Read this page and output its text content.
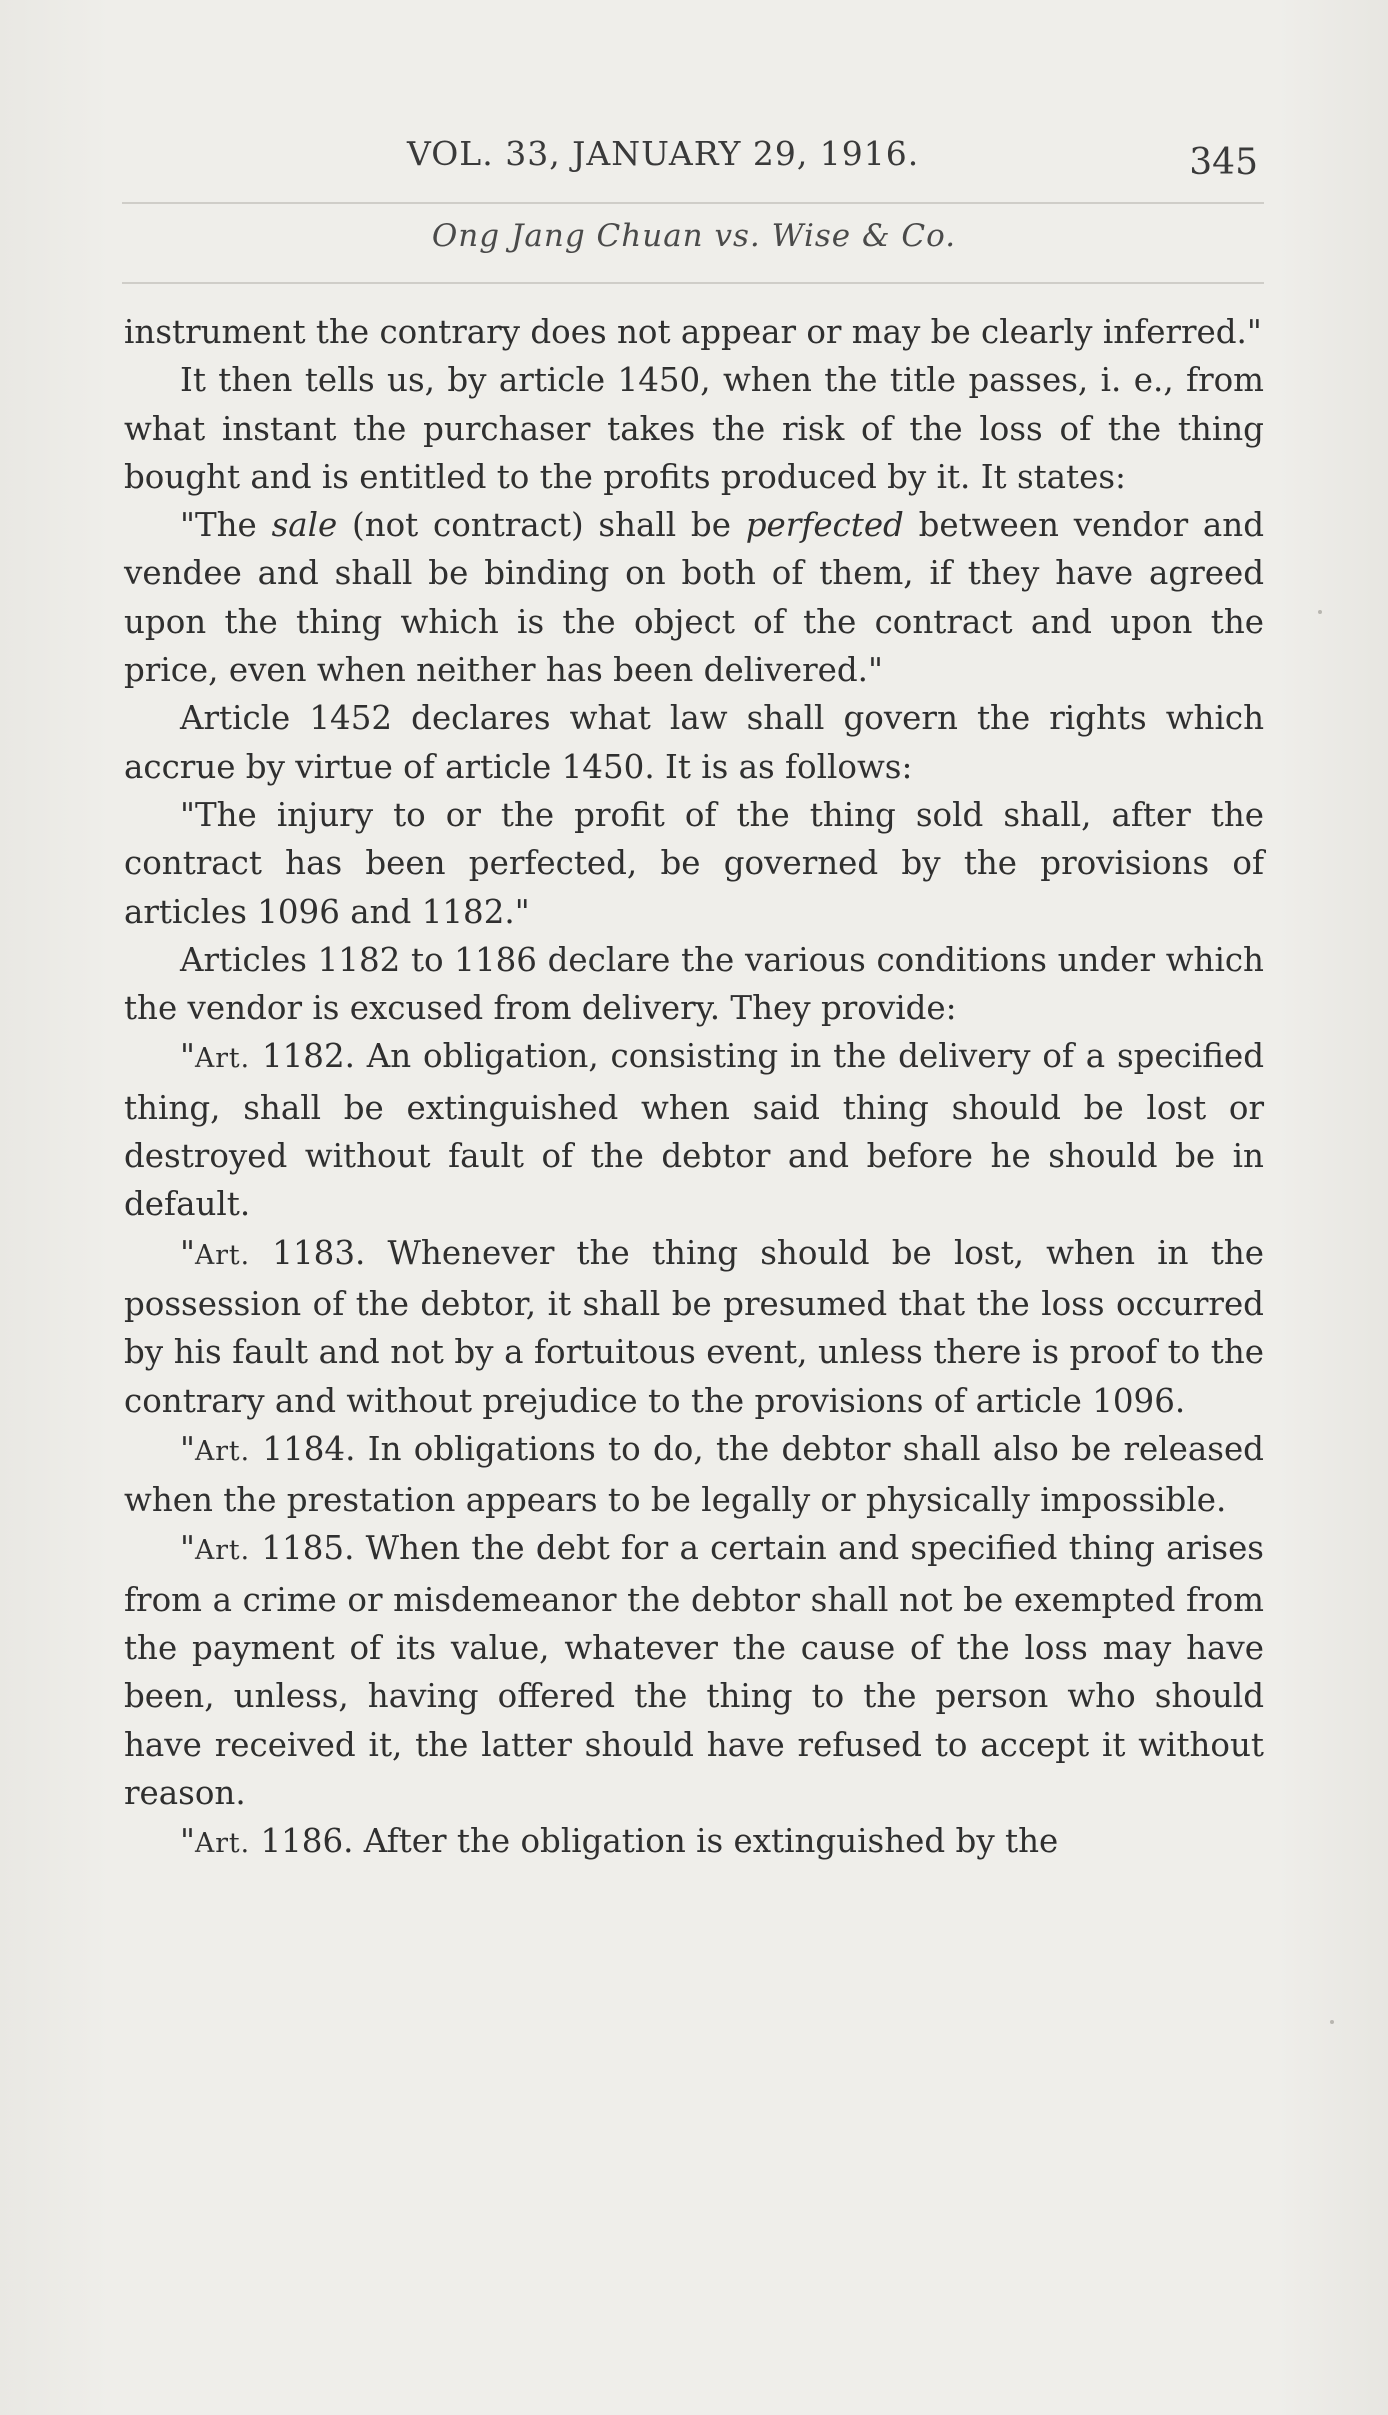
VOL. 33, JANUARY 29, 1916.	345
Ong Jang Chuan vs. Wise & Co.

instrument the contrary does not appear or may be clearly inferred."

It then tells us, by article 1450, when the title passes, i. e., from what instant the purchaser takes the risk of the loss of the thing bought and is entitled to the profits produced by it. It states:

"The sale (not contract) shall be perfected between vendor and vendee and shall be binding on both of them, if they have agreed upon the thing which is the object of the contract and upon the price, even when neither has been delivered."

Article 1452 declares what law shall govern the rights which accrue by virtue of article 1450. It is as follows:

"The injury to or the profit of the thing sold shall, after the contract has been perfected, be governed by the provisions of articles 1096 and 1182."

Articles 1182 to 1186 declare the various conditions under which the vendor is excused from delivery. They provide:

"Art. 1182. An obligation, consisting in the delivery of a specified thing, shall be extinguished when said thing should be lost or destroyed without fault of the debtor and before he should be in default.

"Art. 1183. Whenever the thing should be lost, when in the possession of the debtor, it shall be presumed that the loss occurred by his fault and not by a fortuitous event, unless there is proof to the contrary and without prejudice to the provisions of article 1096.

"Art. 1184. In obligations to do, the debtor shall also be released when the prestation appears to be legally or physically impossible.

"Art. 1185. When the debt for a certain and specified thing arises from a crime or misdemeanor the debtor shall not be exempted from the payment of its value, whatever the cause of the loss may have been, unless, having offered the thing to the person who should have received it, the latter should have refused to accept it without reason.

"Art. 1186. After the obligation is extinguished by the
